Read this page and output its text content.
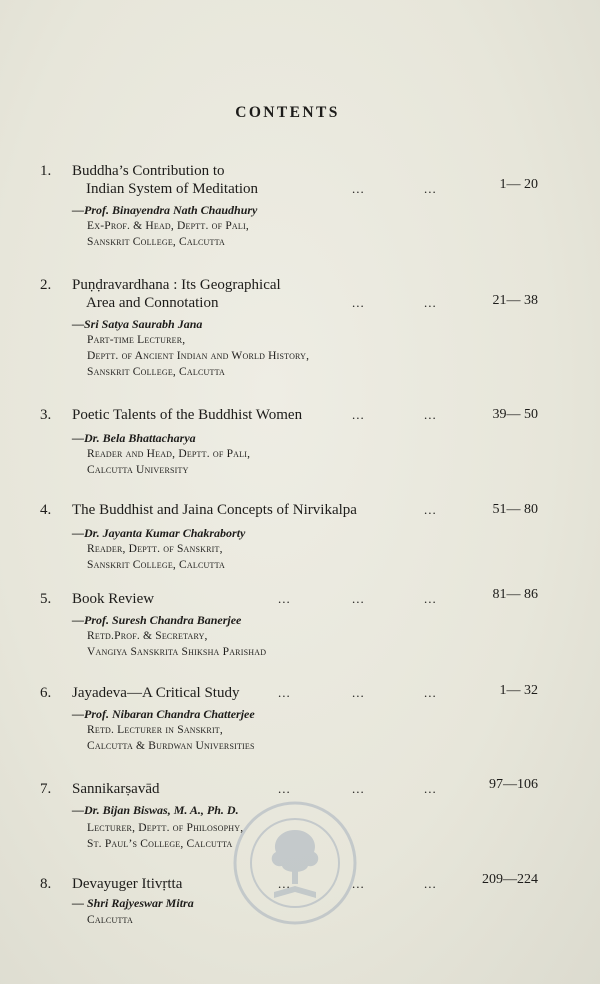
CONTENTS
1. Buddha’s Contribution to
Indian System of Meditation	...	...	1— 20
—Prof. Binayendra Nath Chaudhury
Ex-Prof. & Head, Deptt. of Pali,
Sanskrit College, Calcutta
2. Puṇḍravardhana : Its Geographical
Area and Connotation	...	...	21— 38
—Sri Satya Saurabh Jana
Part-time Lecturer,
Deptt. of Ancient Indian and World History,
Sanskrit College, Calcutta
3. Poetic Talents of the Buddhist Women	...	...	39— 50
—Dr. Bela Bhattacharya
Reader and Head, Deptt. of Pali,
Calcutta University
4. The Buddhist and Jaina Concepts of Nirvikalpa	...	51— 80
—Dr. Jayanta Kumar Chakraborty
Reader, Deptt. of Sanskrit,
Sanskrit College, Calcutta
5. Book Review	...	...	...	81— 86
—Prof. Suresh Chandra Banerjee
Retd.Prof. & Secretary,
Vangiya Sanskrita Shiksha Parishad
6. Jayadeva—A Critical Study	...	...	...	1— 32
—Prof. Nibaran Chandra Chatterjee
Retd. Lecturer in Sanskrit,
Calcutta & Burdwan Universities
7. Sannikarṣavād	...	...	...	97—106
—Dr. Bijan Biswas, M. A., Ph. D.
Lecturer, Deptt. of Philosophy,
St. Paul’s College, Calcutta
8. Devayuger Itivṛtta	...	...	...	209—224
— Shri Rajyeswar Mitra
Calcutta
